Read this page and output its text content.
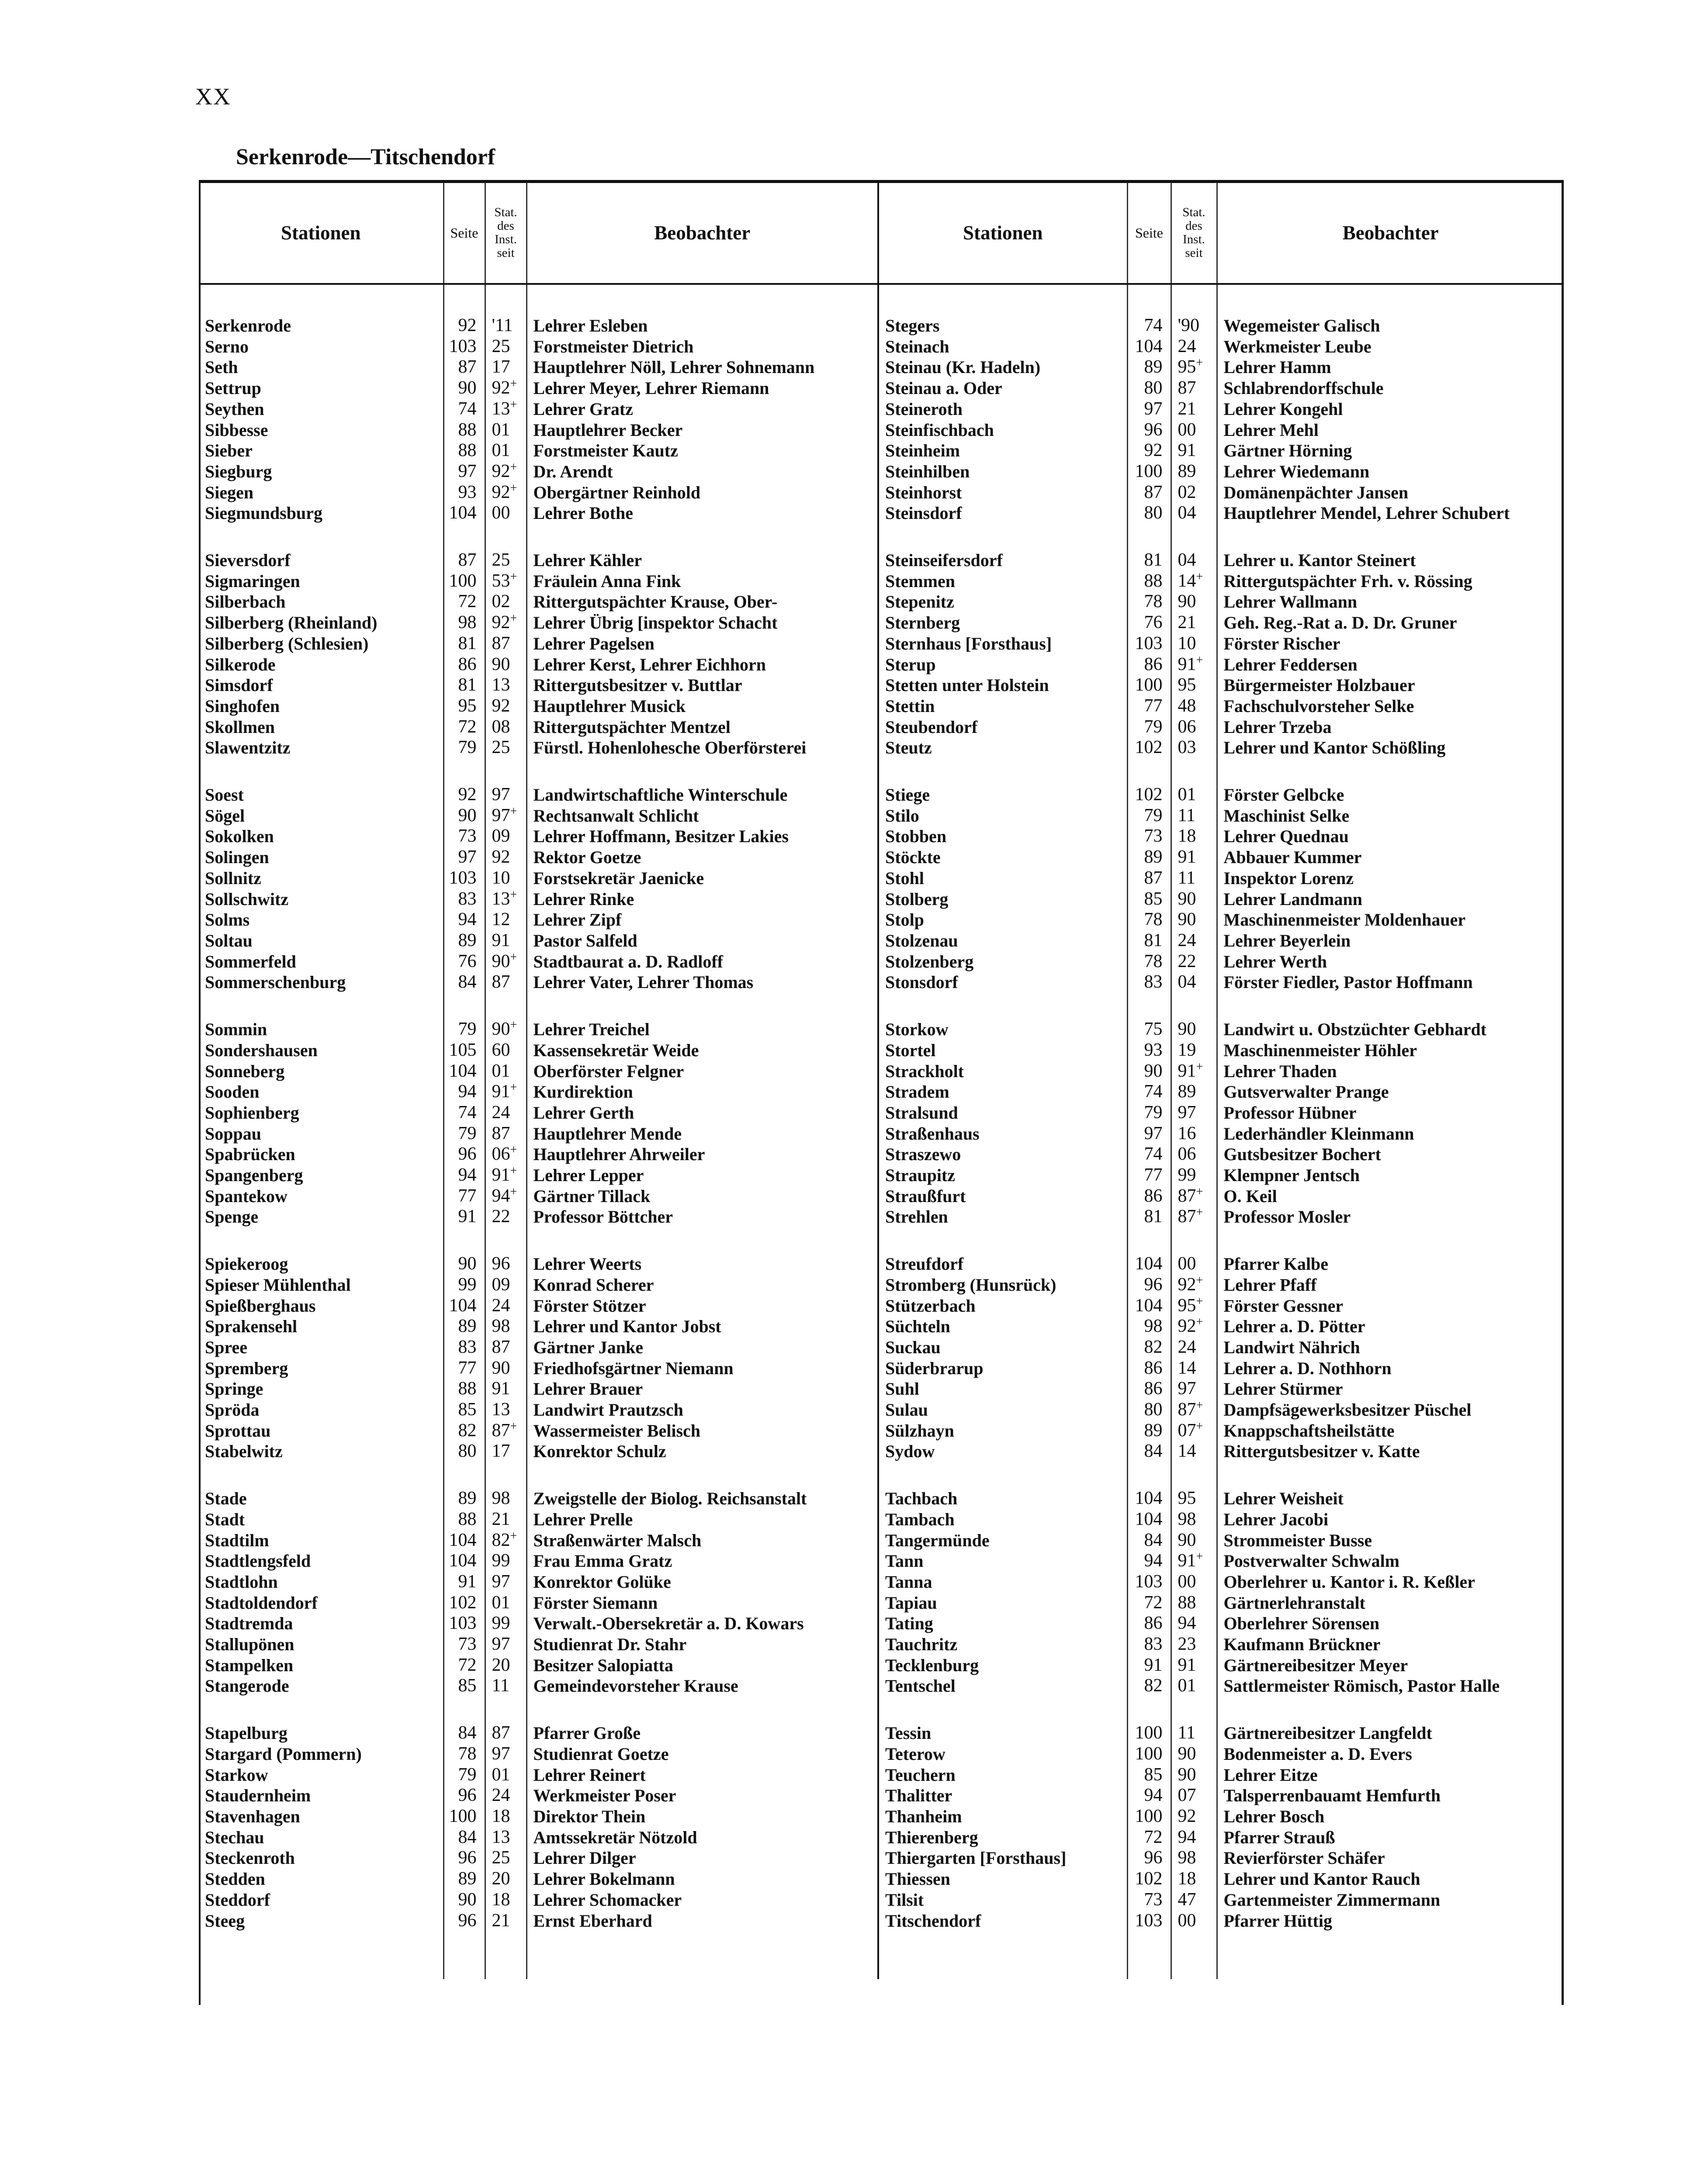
XX
Serkenrode—Titschendorf
Stationen	Seite	Stat.
des
Inst.
seit	Beobachter	Stationen	Seite	Stat.
des
Inst.
seit	Beobachter

Serkenrode	92	'11	Lehrer Esleben	Stegers	74	'90	Wegemeister Galisch
Serno	103	25	Forstmeister Dietrich	Steinach	104	24	Werkmeister Leube
Seth	87	17	Hauptlehrer Nöll, Lehrer Sohnemann	Steinau (Kr. Hadeln)	89	95+	Lehrer Hamm
Settrup	90	92+	Lehrer Meyer, Lehrer Riemann	Steinau a. Oder	80	87	Schlabrendorffschule
Seythen	74	13+	Lehrer Gratz	Steineroth	97	21	Lehrer Kongehl
Sibbesse	88	01	Hauptlehrer Becker	Steinfischbach	96	00	Lehrer Mehl
Sieber	88	01	Forstmeister Kautz	Steinheim	92	91	Gärtner Hörning
Siegburg	97	92+	Dr. Arendt	Steinhilben	100	89	Lehrer Wiedemann
Siegen	93	92+	Obergärtner Reinhold	Steinhorst	87	02	Domänenpächter Jansen
Siegmundsburg	104	00	Lehrer Bothe	Steinsdorf	80	04	Hauptlehrer Mendel, Lehrer Schubert

Sieversdorf	87	25	Lehrer Kähler	Steinseifersdorf	81	04	Lehrer u. Kantor Steinert
Sigmaringen	100	53+	Fräulein Anna Fink	Stemmen	88	14+	Rittergutspächter Frh. v. Rössing
Silberbach	72	02	Rittergutspächter Krause, Ober-	Stepenitz	78	90	Lehrer Wallmann
Silberberg (Rheinland)	98	92+	Lehrer Übrig [inspektor Schacht	Sternberg	76	21	Geh. Reg.-Rat a. D. Dr. Gruner
Silberberg (Schlesien)	81	87	Lehrer Pagelsen	Sternhaus [Forsthaus]	103	10	Förster Rischer
Silkerode	86	90	Lehrer Kerst, Lehrer Eichhorn	Sterup	86	91+	Lehrer Feddersen
Simsdorf	81	13	Rittergutsbesitzer v. Buttlar	Stetten unter Holstein	100	95	Bürgermeister Holzbauer
Singhofen	95	92	Hauptlehrer Musick	Stettin	77	48	Fachschulvorsteher Selke
Skollmen	72	08	Rittergutspächter Mentzel	Steubendorf	79	06	Lehrer Trzeba
Slawentzitz	79	25	Fürstl. Hohenlohesche Oberförsterei	Steutz	102	03	Lehrer und Kantor Schößling

Soest	92	97	Landwirtschaftliche Winterschule	Stiege	102	01	Förster Gelbcke
Sögel	90	97+	Rechtsanwalt Schlicht	Stilo	79	11	Maschinist Selke
Sokolken	73	09	Lehrer Hoffmann, Besitzer Lakies	Stobben	73	18	Lehrer Quednau
Solingen	97	92	Rektor Goetze	Stöckte	89	91	Abbauer Kummer
Sollnitz	103	10	Forstsekretär Jaenicke	Stohl	87	11	Inspektor Lorenz
Sollschwitz	83	13+	Lehrer Rinke	Stolberg	85	90	Lehrer Landmann
Solms	94	12	Lehrer Zipf	Stolp	78	90	Maschinenmeister Moldenhauer
Soltau	89	91	Pastor Salfeld	Stolzenau	81	24	Lehrer Beyerlein
Sommerfeld	76	90+	Stadtbaurat a. D. Radloff	Stolzenberg	78	22	Lehrer Werth
Sommerschenburg	84	87	Lehrer Vater, Lehrer Thomas	Stonsdorf	83	04	Förster Fiedler, Pastor Hoffmann

Sommin	79	90+	Lehrer Treichel	Storkow	75	90	Landwirt u. Obstzüchter Gebhardt
Sondershausen	105	60	Kassensekretär Weide	Stortel	93	19	Maschinenmeister Höhler
Sonneberg	104	01	Oberförster Felgner	Strackholt	90	91+	Lehrer Thaden
Sooden	94	91+	Kurdirektion	Stradem	74	89	Gutsverwalter Prange
Sophienberg	74	24	Lehrer Gerth	Stralsund	79	97	Professor Hübner
Soppau	79	87	Hauptlehrer Mende	Straßenhaus	97	16	Lederhändler Kleinmann
Spabrücken	96	06+	Hauptlehrer Ahrweiler	Straszewo	74	06	Gutsbesitzer Bochert
Spangenberg	94	91+	Lehrer Lepper	Straupitz	77	99	Klempner Jentsch
Spantekow	77	94+	Gärtner Tillack	Straußfurt	86	87+	O. Keil
Spenge	91	22	Professor Böttcher	Strehlen	81	87+	Professor Mosler

Spiekeroog	90	96	Lehrer Weerts	Streufdorf	104	00	Pfarrer Kalbe
Spieser Mühlenthal	99	09	Konrad Scherer	Stromberg (Hunsrück)	96	92+	Lehrer Pfaff
Spießberghaus	104	24	Förster Stötzer	Stützerbach	104	95+	Förster Gessner
Sprakensehl	89	98	Lehrer und Kantor Jobst	Süchteln	98	92+	Lehrer a. D. Pötter
Spree	83	87	Gärtner Janke	Suckau	82	24	Landwirt Nährich
Spremberg	77	90	Friedhofsgärtner Niemann	Süderbrarup	86	14	Lehrer a. D. Nothhorn
Springe	88	91	Lehrer Brauer	Suhl	86	97	Lehrer Stürmer
Spröda	85	13	Landwirt Prautzsch	Sulau	80	87+	Dampfsägewerksbesitzer Püschel
Sprottau	82	87+	Wassermeister Belisch	Sülzhayn	89	07+	Knappschaftsheilstätte
Stabelwitz	80	17	Konrektor Schulz	Sydow	84	14	Rittergutsbesitzer v. Katte

Stade	89	98	Zweigstelle der Biolog. Reichsanstalt	Tachbach	104	95	Lehrer Weisheit
Stadt	88	21	Lehrer Prelle	Tambach	104	98	Lehrer Jacobi
Stadtilm	104	82+	Straßenwärter Malsch	Tangermünde	84	90	Strommeister Busse
Stadtlengsfeld	104	99	Frau Emma Gratz	Tann	94	91+	Postverwalter Schwalm
Stadtlohn	91	97	Konrektor Golüke	Tanna	103	00	Oberlehrer u. Kantor i. R. Keßler
Stadtoldendorf	102	01	Förster Siemann	Tapiau	72	88	Gärtnerlehranstalt
Stadtremda	103	99	Verwalt.-Obersekretär a. D. Kowars	Tating	86	94	Oberlehrer Sörensen
Stallupönen	73	97	Studienrat Dr. Stahr	Tauchritz	83	23	Kaufmann Brückner
Stampelken	72	20	Besitzer Salopiatta	Tecklenburg	91	91	Gärtnereibesitzer Meyer
Stangerode	85	11	Gemeindevorsteher Krause	Tentschel	82	01	Sattlermeister Römisch, Pastor Halle

Stapelburg	84	87	Pfarrer Große	Tessin	100	11	Gärtnereibesitzer Langfeldt
Stargard (Pommern)	78	97	Studienrat Goetze	Teterow	100	90	Bodenmeister a. D. Evers
Starkow	79	01	Lehrer Reinert	Teuchern	85	90	Lehrer Eitze
Staudernheim	96	24	Werkmeister Poser	Thalitter	94	07	Talsperrenbauamt Hemfurth
Stavenhagen	100	18	Direktor Thein	Thanheim	100	92	Lehrer Bosch
Stechau	84	13	Amtssekretär Nötzold	Thierenberg	72	94	Pfarrer Strauß
Steckenroth	96	25	Lehrer Dilger	Thiergarten [Forsthaus]	96	98	Revierförster Schäfer
Stedden	89	20	Lehrer Bokelmann	Thiessen	102	18	Lehrer und Kantor Rauch
Steddorf	90	18	Lehrer Schomacker	Tilsit	73	47	Gartenmeister Zimmermann
Steeg	96	21	Ernst Eberhard	Titschendorf	103	00	Pfarrer Hüttig
